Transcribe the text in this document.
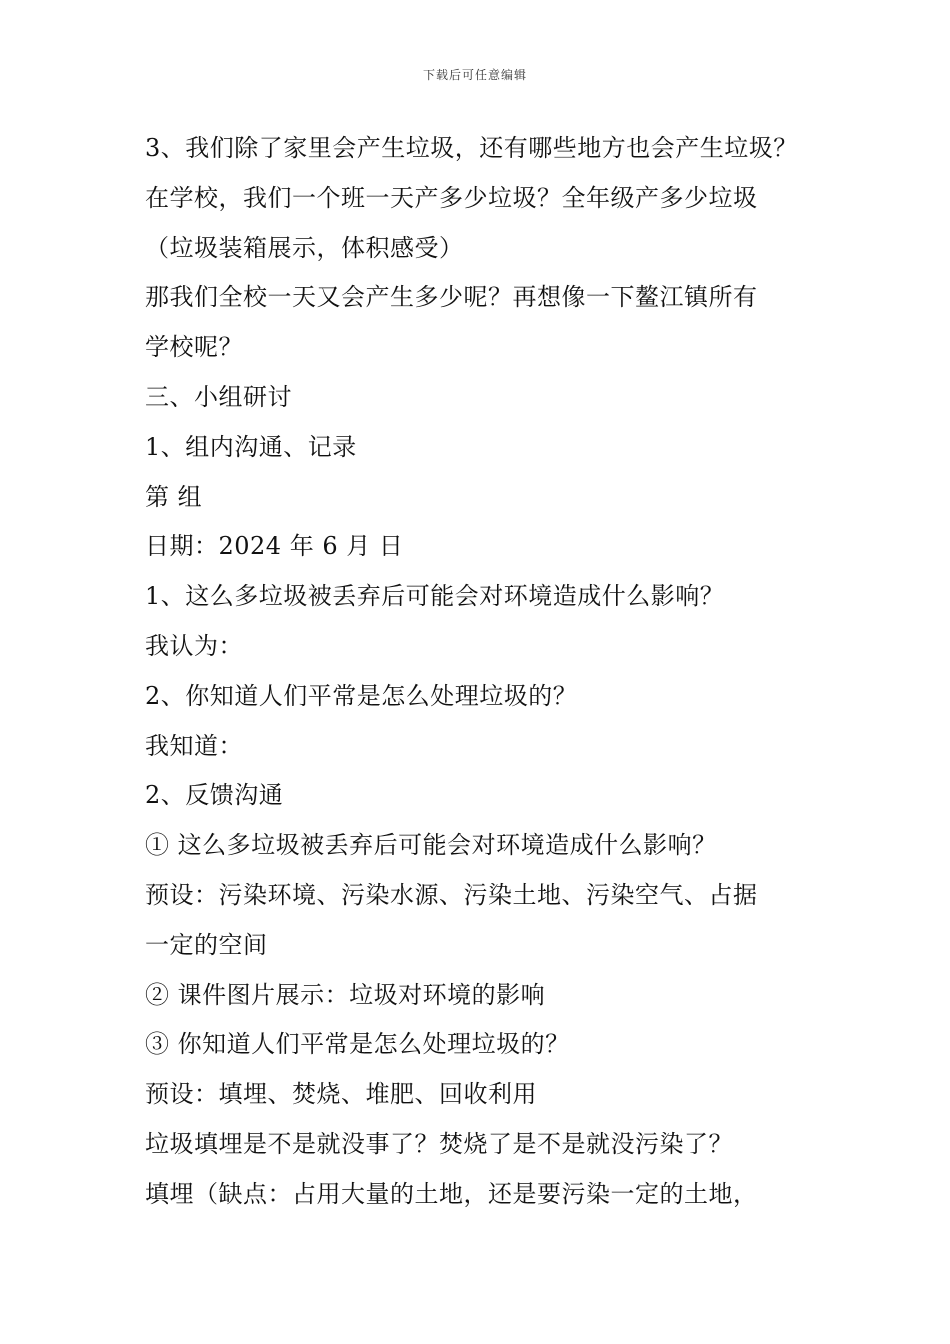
下载后可任意编辑
3、我们除了家里会产生垃圾，还有哪些地方也会产生垃圾？
在学校，我们一个班一天产多少垃圾？全年级产多少垃圾
（垃圾装箱展示，体积感受）
那我们全校一天又会产生多少呢？再想像一下鳌江镇所有
学校呢？
三、小组研讨
1、组内沟通、记录
第 组
日期：2024 年 6 月 日
1、这么多垃圾被丢弃后可能会对环境造成什么影响？
我认为：
2、你知道人们平常是怎么处理垃圾的？
我知道：
2、反馈沟通
① 这么多垃圾被丢弃后可能会对环境造成什么影响？
预设：污染环境、污染水源、污染土地、污染空气、占据
一定的空间
② 课件图片展示：垃圾对环境的影响
③ 你知道人们平常是怎么处理垃圾的？
预设：填埋、焚烧、堆肥、回收利用
垃圾填埋是不是就没事了？焚烧了是不是就没污染了？
填埋（缺点：占用大量的土地，还是要污染一定的土地，
